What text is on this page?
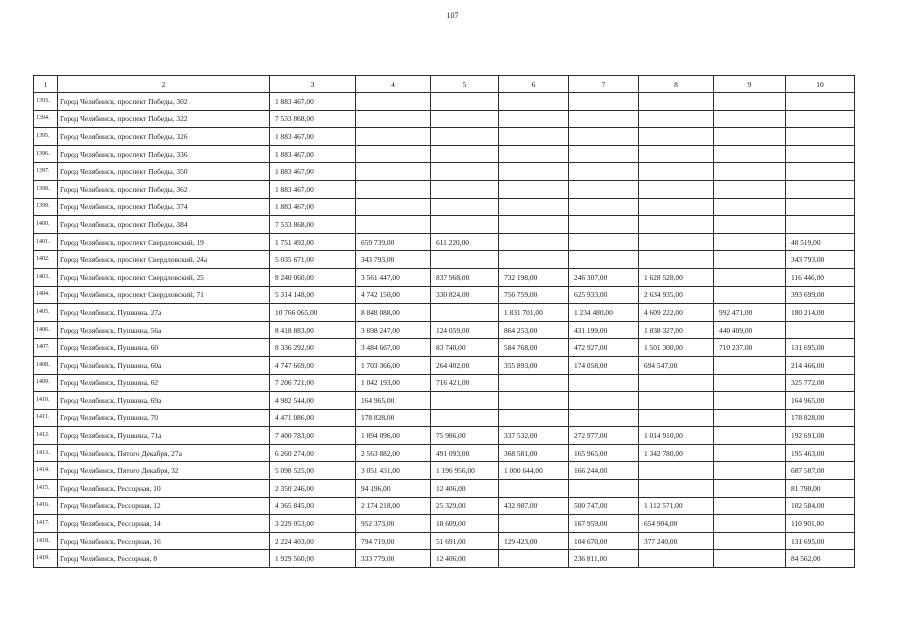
107
1	2	3	4	5	6	7	8	9	10
1393.	Город Челябинск, проспект Победы, 302	1 883 467,00							
1394.	Город Челябинск, проспект Победы, 322	7 533 868,00							
1395.	Город Челябинск, проспект Победы, 326	1 883 467,00							
1396.	Город Челябинск, проспект Победы, 336	1 883 467,00							
1397.	Город Челябинск, проспект Победы, 350	1 883 467,00							
1398.	Город Челябинск, проспект Победы, 362	1 883 467,00							
1399.	Город Челябинск, проспект Победы, 374	1 883 467,00							
1400.	Город Челябинск, проспект Победы, 384	7 533 868,00							
1401.	Город Челябинск, проспект Свердловский, 19	1 751 492,00	659 739,00	611 220,00					48 519,00
1402.	Город Челябинск, проспект Свердловский, 24а	5 035 671,00	343 793,00						343 793,00
1403.	Город Челябинск, проспект Свердловский, 25	8 240 060,00	3 561 447,00	837 968,00	732 198,00	246 307,00	1 628 528,00		116 446,00
1404.	Город Челябинск, проспект Свердловский, 71	5 314 148,00	4 742 150,00	330 824,00	756 759,00	625 933,00	2 634 935,00		393 699,00
1405.	Город Челябинск, Пушкина, 27а	10 766 065,00	8 848 088,00		1 831 701,00	1 234 480,00	4 609 222,00	992 471,00	180 214,00
1406.	Город Челябинск, Пушкина, 56а	8 418 883,00	3 698 247,00	124 059,00	864 253,00	431 199,00	1 838 327,00	440 409,00	
1407.	Город Челябинск, Пушкина, 60	8 336 292,00	3 484 667,00	83 740,00	584 768,00	472 927,00	1 501 300,00	710 237,00	131 695,00
1408.	Город Челябинск, Пушкина, 60а	4 747 669,00	1 703 366,00	264 402,00	355 893,00	174 058,00	694 547,00		214 466,00
1409.	Город Челябинск, Пушкина, 62	7 206 721,00	1 042 193,00	716 421,00					325 772,00
1410.	Город Челябинск, Пушкина, 69а	4 982 544,00	164 965,00						164 965,00
1411.	Город Челябинск, Пушкина, 70	4 471 086,00	178 828,00						178 828,00
1412.	Город Челябинск, Пушкина, 71а	7 400 783,00	1 894 096,00	75 986,00	337 532,00	272 977,00	1 014 910,00		192 691,00
1413.	Город Челябинск, Пятого Декабря, 27а	6 260 274,00	2 563 882,00	491 093,00	368 581,00	165 965,00	1 342 780,00		195 463,00
1414.	Город Челябинск, Пятого Декабря, 32	5 098 525,00	3 051 431,00	1 196 956,00	1 000 644,00	166 244,00			687 587,00
1415.	Город Челябинск, Рессорная, 10	2 350 246,00	94 196,00	12 406,00					81 790,00
1416.	Город Челябинск, Рессорная, 12	4 365 845,00	2 174 218,00	25 329,00	432 987,00	500 747,00	1 112 571,00		102 584,00
1417.	Город Челябинск, Рессорная, 14	3 229 053,00	952 373,00	18 609,00		167 959,00	654 904,00		110 901,00
1418.	Город Челябинск, Рессорная, 16	2 224 403,00	794 719,00	51 691,00	129 423,00	104 670,00	377 240,00		131 695,00
1419.	Город Челябинск, Рессорная, 8	1 929 560,00	333 779,00	12 406,00		236 811,00			84 562,00
